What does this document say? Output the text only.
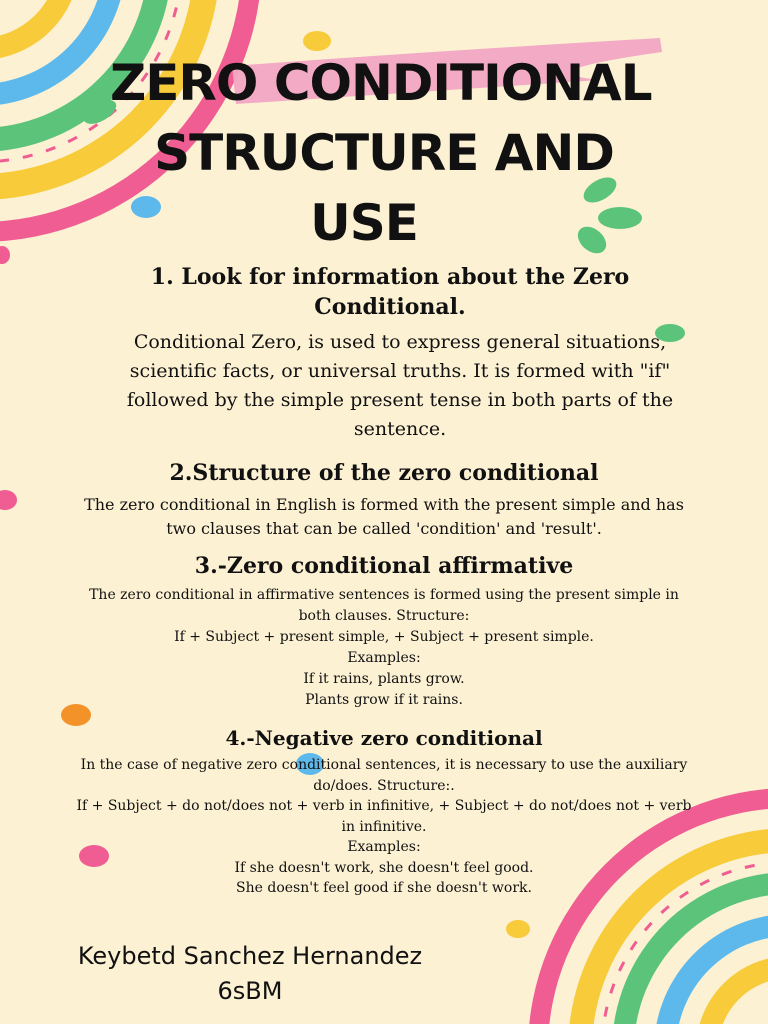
ZERO CONDITIONAL
STRUCTURE AND
USE
1. Look for information about the Zero
Conditional.
Conditional Zero, is used to express general situations,
scientific facts, or universal truths. It is formed with "if"
followed by the simple present tense in both parts of the
sentence.
2.Structure of the zero conditional
The zero conditional in English is formed with the present simple and has
two clauses that can be called 'condition' and 'result'.
3.-Zero conditional affirmative
The zero conditional in affirmative sentences is formed using the present simple in
both clauses. Structure:
If + Subject + present simple, + Subject + present simple.
Examples:
If it rains, plants grow.
Plants grow if it rains.
4.-Negative zero conditional
In the case of negative zero conditional sentences, it is necessary to use the auxiliary
do/does. Structure:.
If + Subject + do not/does not + verb in infinitive, + Subject + do not/does not + verb
in infinitive.
Examples:
If she doesn't work, she doesn't feel good.
She doesn't feel good if she doesn't work.
Keybetd Sanchez Hernandez
6sBM
